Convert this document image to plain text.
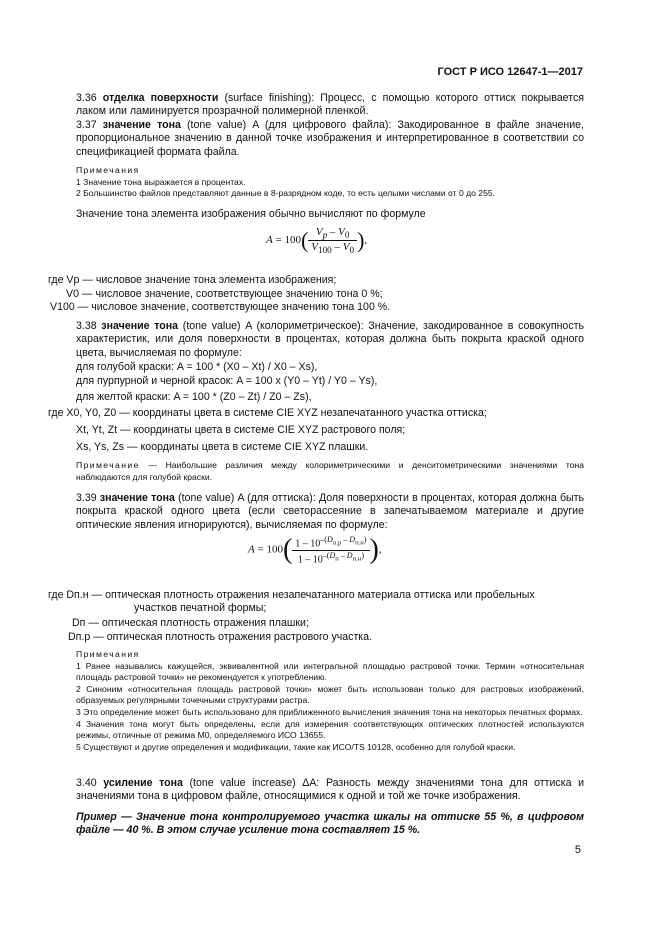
ГОСТ Р ИСО 12647-1—2017
3.36 отделка поверхности (surface finishing): Процесс, с помощью которого оттиск покрывается лаком или ламинируется прозрачной полимерной пленкой.
3.37 значение тона (tone value) A (для цифрового файла): Закодированное в файле значение, пропорциональное значению в данной точке изображения и интерпретированное в соответствии со спецификацией формата файла.
Примечания
1 Значение тона выражается в процентах.
2 Большинство файлов представляют данные в 8-разрядном коде, то есть целыми числами от 0 до 255.
Значение тона элемента изображения обычно вычисляют по формуле
$A = 100( \frac{V_p - V_0}{V_{100} - V_0}$ ),
где Vp — числовое значение тона элемента изображения;
V0 — числовое значение, соответствующее значению тона 0 %;
V100 — числовое значение, соответствующее значению тона 100 %.
3.38 значение тона (tone value) A (колориметрическое): Значение, закодированное в совокупность характеристик, или доля поверхности в процентах, которая должна быть покрыта краской одного цвета, вычисляемая по формуле:
для голубой краски: A = 100 * (X0 – Xt) / X0 – Xs),
для пурпурной и черной красок: A = 100 x (Y0 – Yt) / Y0 – Ys),
для желтой краски: A = 100 * (Z0 – Zt) / Z0 – Zs),
где X0, Y0, Z0 — координаты цвета в системе CIE XYZ незапечатанного участка оттиска;
Xt, Yt, Zt — координаты цвета в системе CIE XYZ растрового поля;
Xs, Ys, Zs — координаты цвета в системе CIE XYZ плашки.
Примечание — Наибольшие различия между колориметрическими и денситометрическими значениями тона наблюдаются для голубой краски.
3.39 значение тона (tone value) A (для оттиска): Доля поверхности в процентах, которая должна быть покрыта краской одного цвета (если светорассеяние в запечатываемом материале и другие оптические явления игнорируются), вычисляемая по формуле:
$A = 100( \frac{1 - 10^{-(D_{п.р} - D_{п.н})}}{1 - 10^{-(D_п - D_{п.н})}}$ ),
где Dп.н — оптическая плотность отражения незапечатанного материала оттиска или пробельных
участков печатной формы;
Dп — оптическая плотность отражения плашки;
Dп.р — оптическая плотность отражения растрового участка.
Примечания
1 Ранее назывались кажущейся, эквивалентной или интегральной площадью растровой точки. Термин «относительная площадь растровой точки» не рекомендуется к употреблению.
2 Синоним «относительная площадь растровой точки» может быть использован только для растровых изображений, образуемых регулярными точечными структурами растра.
3 Это определение может быть использовано для приближенного вычисления значения тона на некоторых печатных формах.
4 Значения тона могут быть определены, если для измерения соответствующих оптических плотностей используются режимы, отличные от режима М0, определяемого ИСО 13655.
5 Существуют и другие определения и модификации, такие как ИСО/TS 10128, особенно для голубой краски.
3.40 усиление тона (tone value increase) ΔA: Разность между значениями тона для оттиска и значениями тона в цифровом файле, относящимися к одной и той же точке изображения.
Пример — Значение тона контролируемого участка шкалы на оттиске 55 %, в цифровом файле — 40 %. В этом случае усиление тона составляет 15 %.
5
